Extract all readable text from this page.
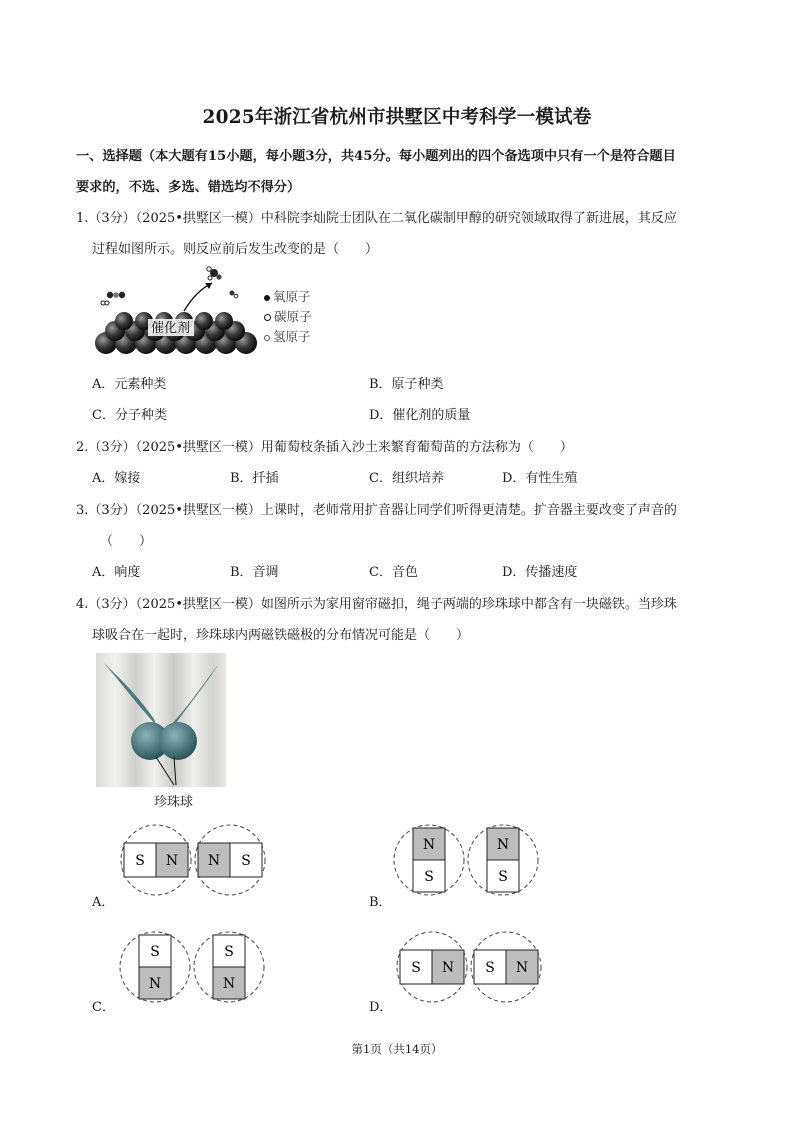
2025年浙江省杭州市拱墅区中考科学一模试卷
一、选择题（本大题有15小题，每小题3分，共45分。每小题列出的四个备选项中只有一个是符合题目
要求的，不选、多选、错选均不得分）
1.（3分）（2025•拱墅区一模）中科院李灿院士团队在二氧化碳制甲醇的研究领域取得了新进展，其反应
过程如图所示。则反应前后发生改变的是（　　）
催化剂
氧原子
碳原子
氢原子
A．元素种类	B．原子种类
C．分子种类	D．催化剂的质量
2.（3分）（2025•拱墅区一模）用葡萄枝条插入沙土来繁育葡萄苗的方法称为（　　）
A．嫁接	B．扦插	C．组织培养	D．有性生殖
3.（3分）（2025•拱墅区一模）上课时，老师常用扩音器让同学们听得更清楚。扩音器主要改变了声音的
（　　）
A．响度	B．音调	C．音色	D．传播速度
4.（3分）（2025•拱墅区一模）如图所示为家用窗帘磁扣，绳子两端的珍珠球中都含有一块磁铁。当珍珠
球吸合在一起时，珍珠球内两磁铁磁极的分布情况可能是（　　）
珍珠球
S N N S
A．
N
S
N
S
B．
S
N
S
N
C．
S N S N
D．
第1页（共14页）
